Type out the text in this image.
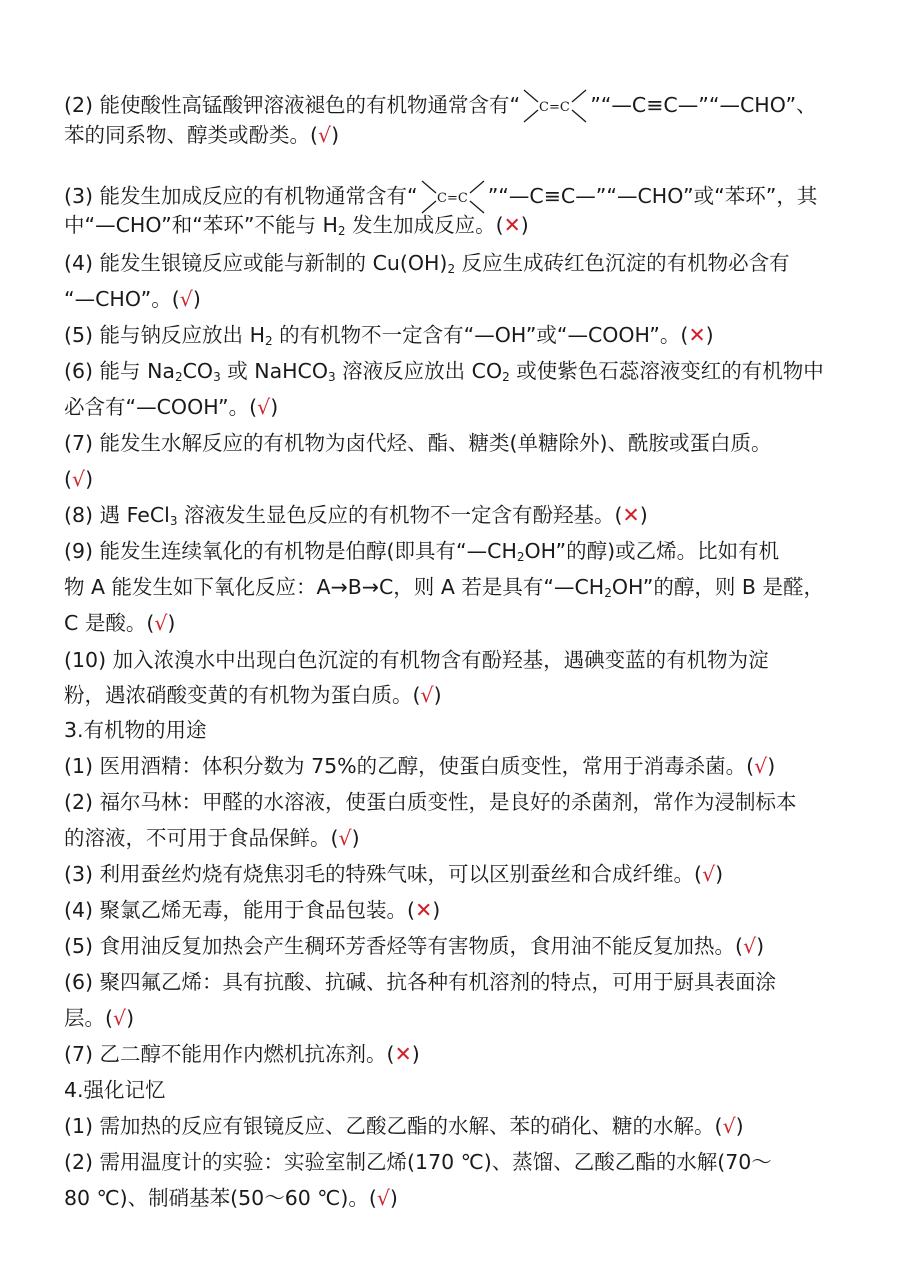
(2) 能使酸性高锰酸钾溶液褪色的有机物通常含有“ C=C ”“—C≡C—”“—CHO”、
苯的同系物、醇类或酚类。(√)
(3) 能发生加成反应的有机物通常含有“ C=C ”“—C≡C—”“—CHO”或“苯环”，其
中“—CHO”和“苯环”不能与 $H_2$ 发生加成反应。(✕)
(4) 能发生银镜反应或能与新制的 $Cu(OH)_2$ 反应生成砖红色沉淀的有机物必含有
“—CHO”。(√)
(5) 能与钠反应放出 $H_2$ 的有机物不一定含有“—OH”或“—COOH”。(✕)
(6) 能与 $Na_2CO_3$ 或 NaHCO$_3$ 溶液反应放出 $CO_2$ 或使紫色石蕊溶液变红的有机物中
必含有“—COOH”。(√)
(7) 能发生水解反应的有机物为卤代烃、酯、糖类(单糖除外)、酰胺或蛋白质。
(√)
(8) 遇 FeCl$_3$ 溶液发生显色反应的有机物不一定含有酚羟基。(✕)
(9) 能发生连续氧化的有机物是伯醇(即具有“$—CH_2OH$”的醇)或乙烯。比如有机
物 A 能发生如下氧化反应：A→B→C，则 A 若是具有“$—CH_2OH$”的醇，则 B 是醛，
C 是酸。(√)
(10) 加入浓溴水中出现白色沉淀的有机物含有酚羟基，遇碘变蓝的有机物为淀
粉，遇浓硝酸变黄的有机物为蛋白质。(√)
3.有机物的用途
(1) 医用酒精：体积分数为 75%的乙醇，使蛋白质变性，常用于消毒杀菌。(√)
(2) 福尔马林：甲醛的水溶液，使蛋白质变性，是良好的杀菌剂，常作为浸制标本
的溶液，不可用于食品保鲜。(√)
(3) 利用蚕丝灼烧有烧焦羽毛的特殊气味，可以区别蚕丝和合成纤维。(√)
(4) 聚氯乙烯无毒，能用于食品包装。(✕)
(5) 食用油反复加热会产生稠环芳香烃等有害物质，食用油不能反复加热。(√)
(6) 聚四氟乙烯：具有抗酸、抗碱、抗各种有机溶剂的特点，可用于厨具表面涂
层。(√)
(7) 乙二醇不能用作内燃机抗冻剂。(✕)
4.强化记忆
(1) 需加热的反应有银镜反应、乙酸乙酯的水解、苯的硝化、糖的水解。(√)
(2) 需用温度计的实验：实验室制乙烯(170 ℃)、蒸馏、乙酸乙酯的水解(70～
80 ℃)、制硝基苯(50～60 ℃)。(√)
